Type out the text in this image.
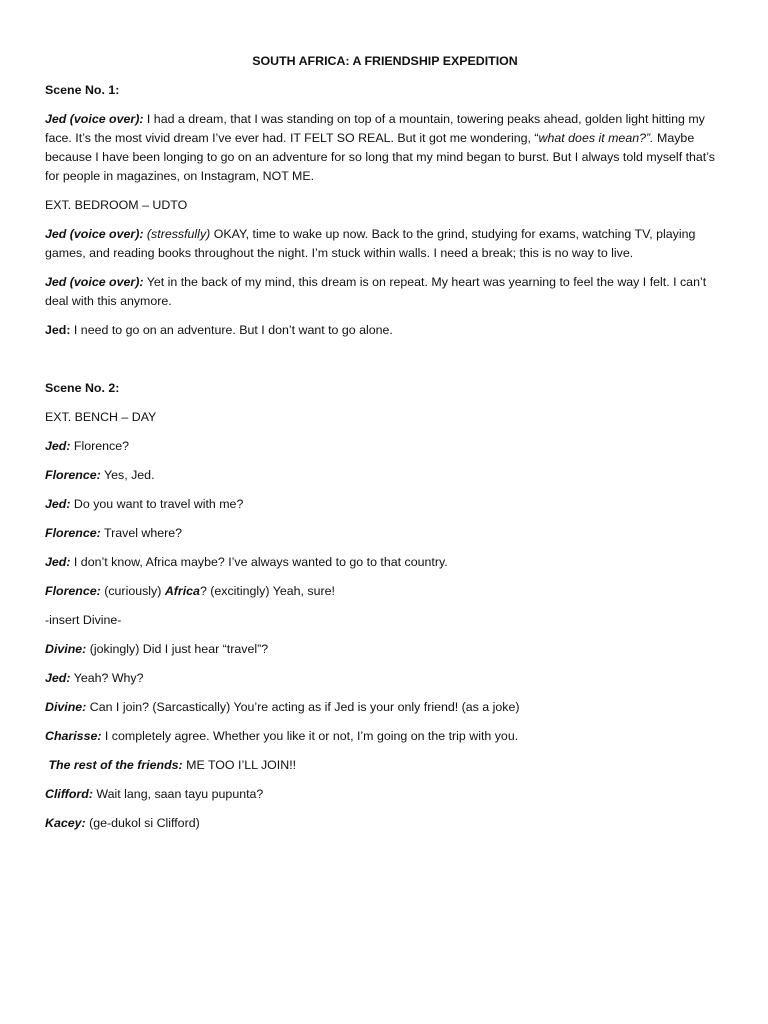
SOUTH AFRICA: A FRIENDSHIP EXPEDITION
Scene No. 1:
Jed (voice over): I had a dream, that I was standing on top of a mountain, towering peaks ahead, golden light hitting my face. It’s the most vivid dream I’ve ever had. IT FELT SO REAL. But it got me wondering, “what does it mean?”. Maybe because I have been longing to go on an adventure for so long that my mind began to burst. But I always told myself that’s for people in magazines, on Instagram, NOT ME.
EXT. BEDROOM – UDTO
Jed (voice over): (stressfully) OKAY, time to wake up now. Back to the grind, studying for exams, watching TV, playing games, and reading books throughout the night. I’m stuck within walls. I need a break; this is no way to live.
Jed (voice over): Yet in the back of my mind, this dream is on repeat. My heart was yearning to feel the way I felt. I can’t deal with this anymore.
Jed: I need to go on an adventure. But I don’t want to go alone.
Scene No. 2:
EXT. BENCH – DAY
Jed: Florence?
Florence: Yes, Jed.
Jed: Do you want to travel with me?
Florence: Travel where?
Jed: I don’t know, Africa maybe? I’ve always wanted to go to that country.
Florence: (curiously) Africa? (excitingly) Yeah, sure!
-insert Divine-
Divine: (jokingly) Did I just hear “travel”?
Jed: Yeah? Why?
Divine: Can I join? (Sarcastically) You’re acting as if Jed is your only friend! (as a joke)
Charisse: I completely agree. Whether you like it or not, I’m going on the trip with you.
The rest of the friends: ME TOO I’LL JOIN!!
Clifford: Wait lang, saan tayu pupunta?
Kacey: (ge-dukol si Clifford)
